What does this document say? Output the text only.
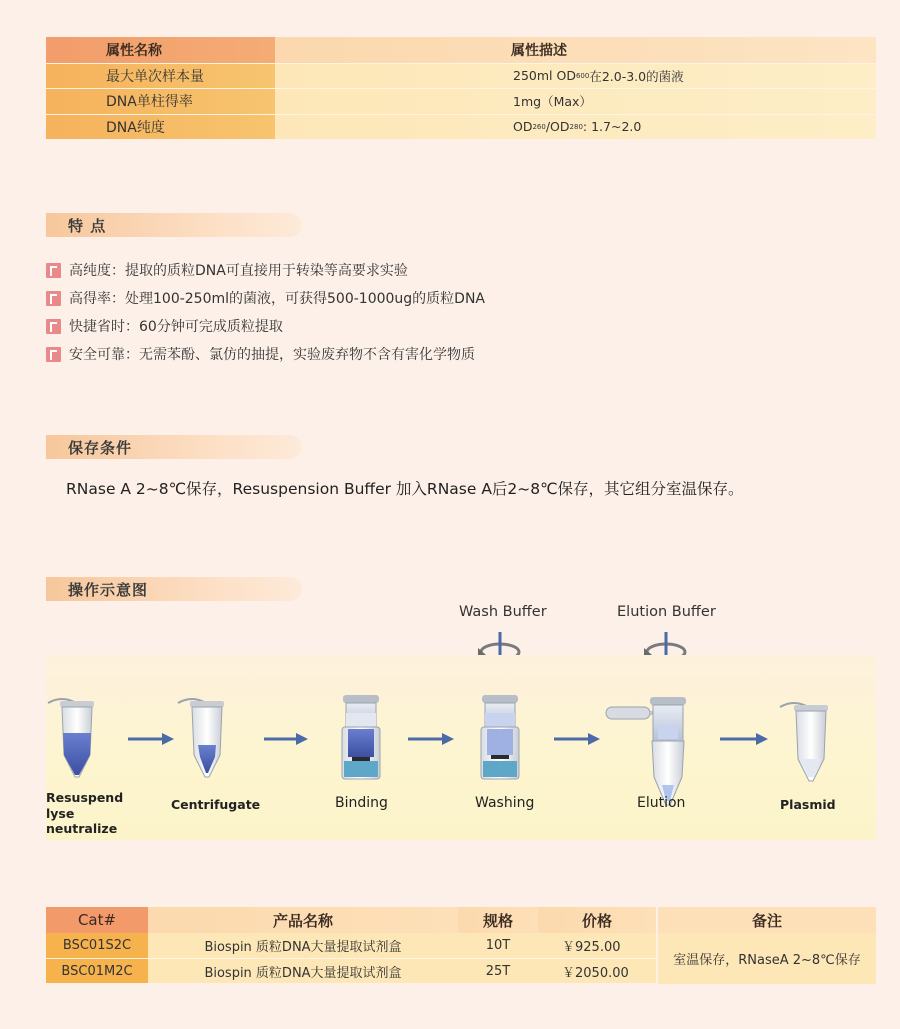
属性名称	属性描述
最大单次样本量	250ml OD 600 在2.0-3.0的菌液
DNA单柱得率	1mg（Max）
DNA纯度	OD 260 /OD 280 : 1.7~2.0
特 点
高纯度：提取的质粒DNA可直接用于转染等高要求实验
高得率：处理100-250ml的菌液，可获得500-1000ug的质粒DNA
快捷省时：60分钟可完成质粒提取
安全可靠：无需苯酚、氯仿的抽提，实验废弃物不含有害化学物质
保存条件
RNase A 2~8℃保存，Resuspension Buffer 加入RNase A后2~8℃保存，其它组分室温保存。
操作示意图
Wash Buffer	Elution Buffer
Resuspend
lyse
neutralize
Centrifugate	Binding	Washing	Elution	Plasmid
Cat#	产品名称	规格	价格	备注
BSC01S2C	Biospin 质粒DNA大量提取试剂盒	10T	￥925.00
BSC01M2C	Biospin 质粒DNA大量提取试剂盒	25T	￥2050.00
室温保存，RNaseA 2~8℃保存
